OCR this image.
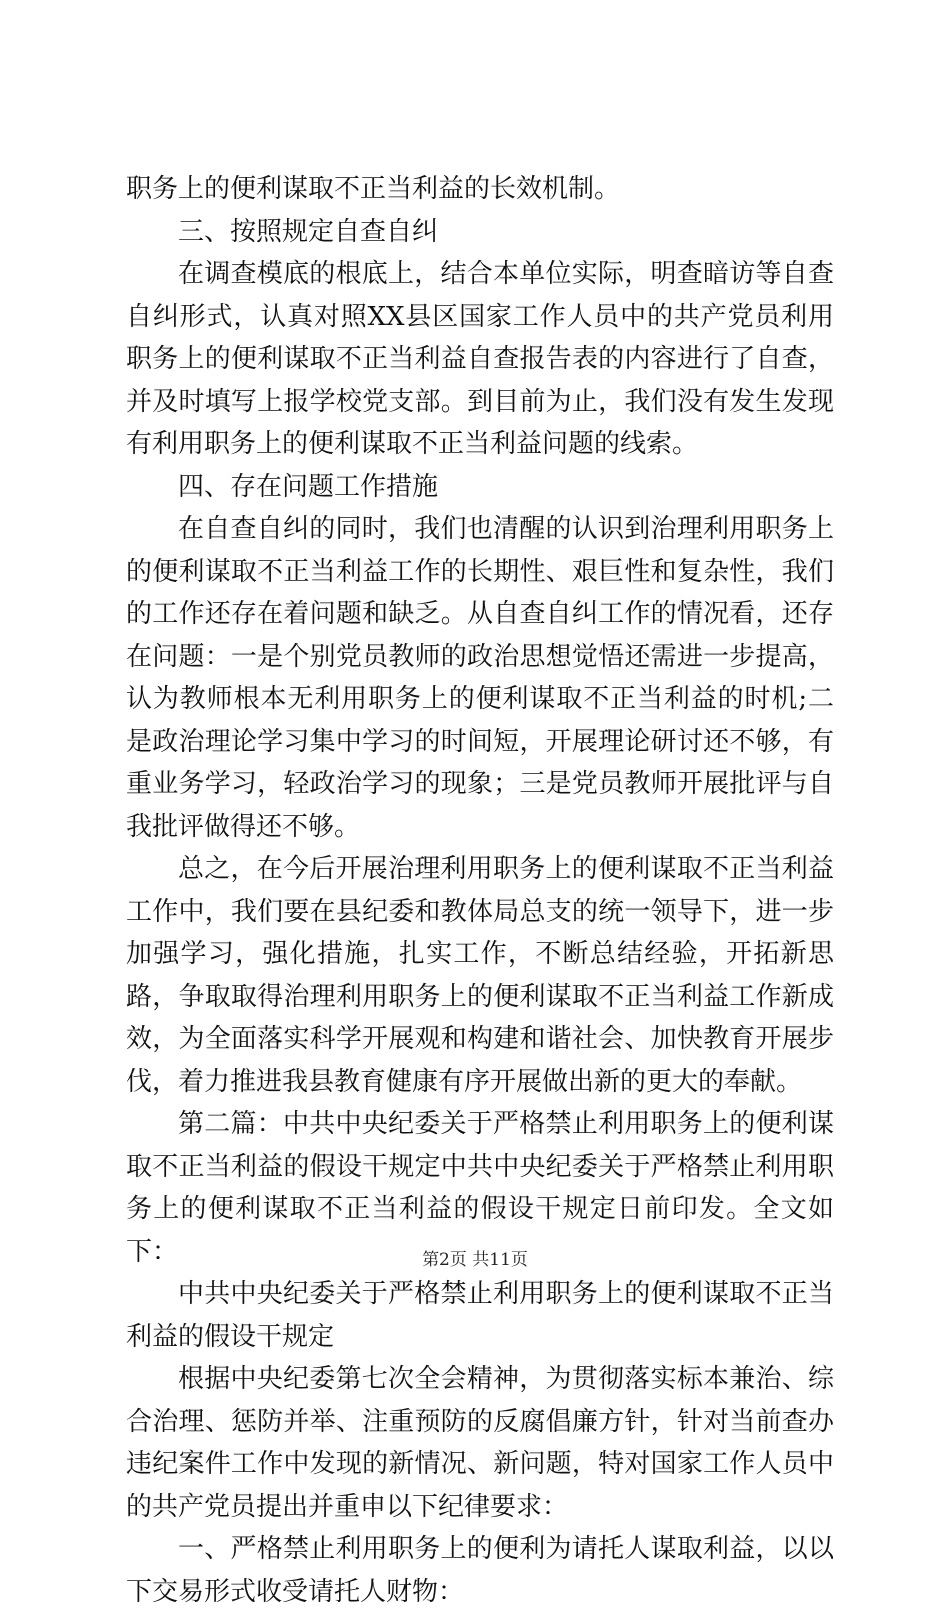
职务上的便利谋取不正当利益的长效机制。

三、按照规定自查自纠

在调查模底的根底上，结合本单位实际，明查暗访等自查自纠形式，认真对照XX县区国家工作人员中的共产党员利用职务上的便利谋取不正当利益自查报告表的内容进行了自查，并及时填写上报学校党支部。到目前为止，我们没有发生发现有利用职务上的便利谋取不正当利益问题的线索。

四、存在问题工作措施

在自查自纠的同时，我们也清醒的认识到治理利用职务上的便利谋取不正当利益工作的长期性、艰巨性和复杂性，我们的工作还存在着问题和缺乏。从自查自纠工作的情况看，还存在问题：一是个别党员教师的政治思想觉悟还需进一步提高，认为教师根本无利用职务上的便利谋取不正当利益的时机;二是政治理论学习集中学习的时间短，开展理论研讨还不够，有重业务学习，轻政治学习的现象；三是党员教师开展批评与自我批评做得还不够。

总之，在今后开展治理利用职务上的便利谋取不正当利益工作中，我们要在县纪委和教体局总支的统一领导下，进一步加强学习，强化措施，扎实工作，不断总结经验，开拓新思路，争取取得治理利用职务上的便利谋取不正当利益工作新成效，为全面落实科学开展观和构建和谐社会、加快教育开展步伐，着力推进我县教育健康有序开展做出新的更大的奉献。

第二篇：中共中央纪委关于严格禁止利用职务上的便利谋取不正当利益的假设干规定中共中央纪委关于严格禁止利用职务上的便利谋取不正当利益的假设干规定日前印发。全文如下：

中共中央纪委关于严格禁止利用职务上的便利谋取不正当利益的假设干规定

根据中央纪委第七次全会精神，为贯彻落实标本兼治、综合治理、惩防并举、注重预防的反腐倡廉方针，针对当前查办违纪案件工作中发现的新情况、新问题，特对国家工作人员中的共产党员提出并重申以下纪律要求：

一、严格禁止利用职务上的便利为请托人谋取利益，以以下交易形式收受请托人财物：

第2页 共11页
